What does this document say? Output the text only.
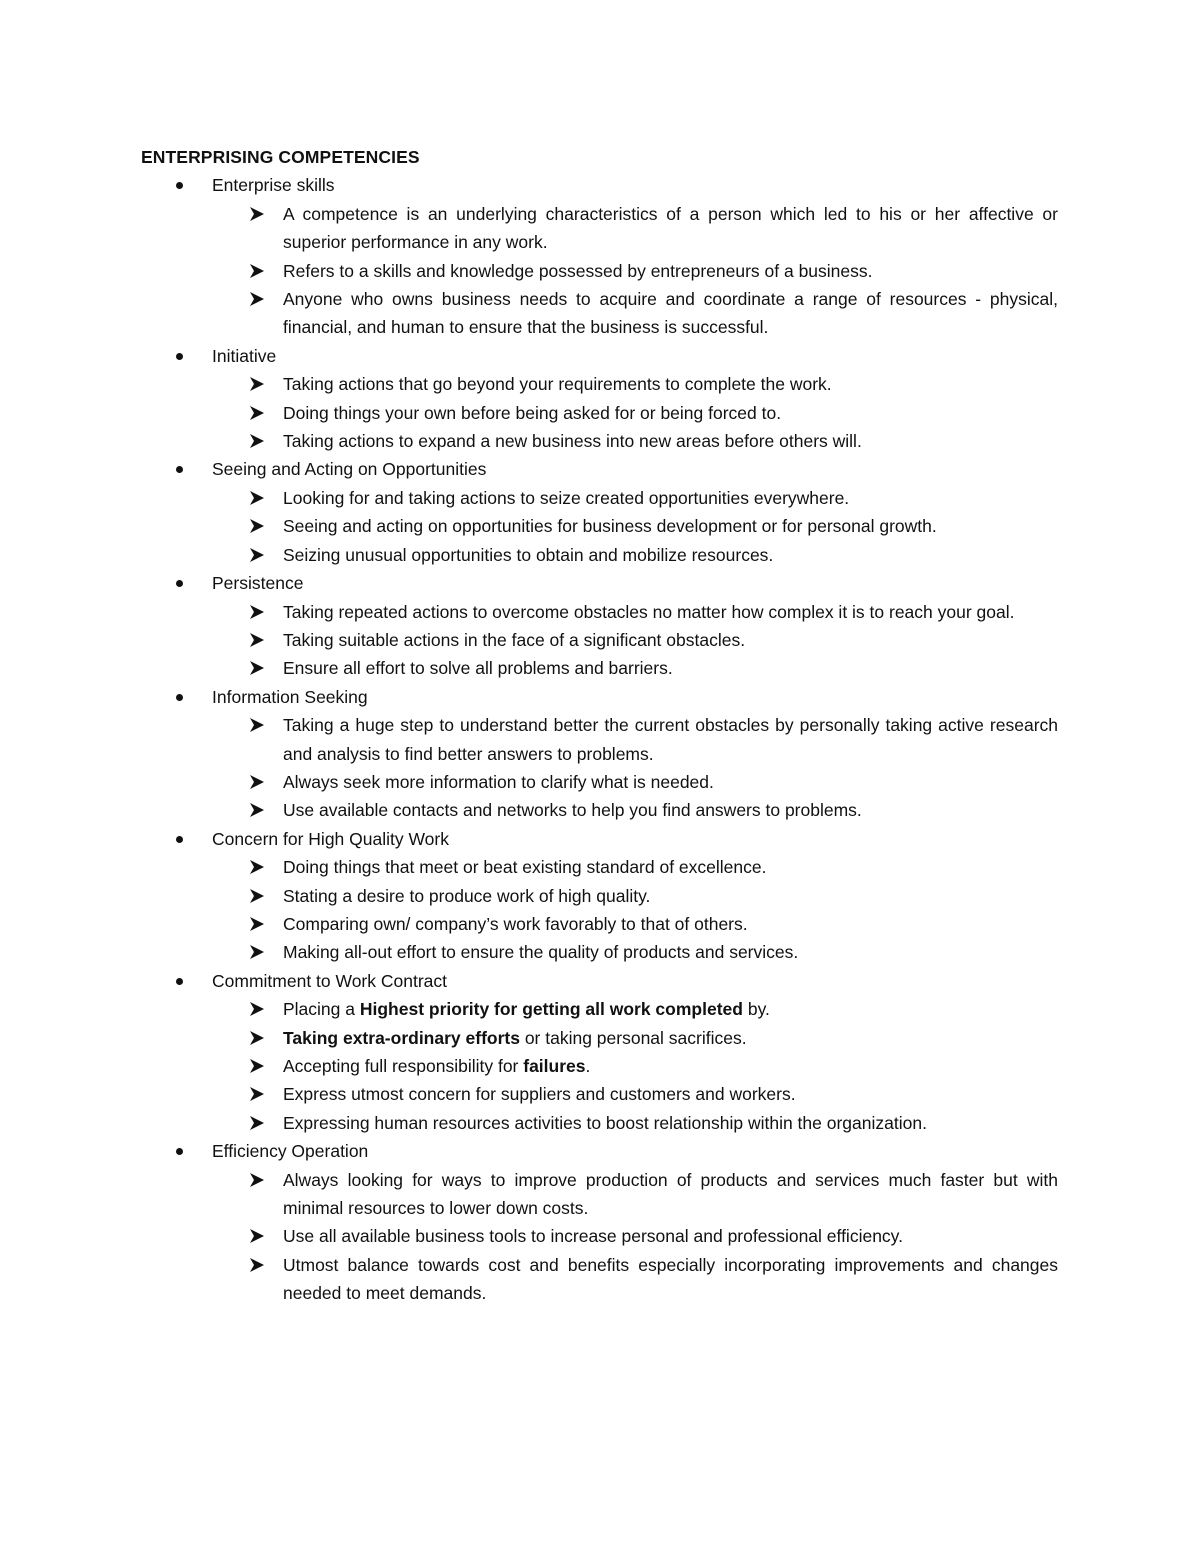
ENTERPRISING COMPETENCIES
Enterprise skills
A competence is an underlying characteristics of a person which led to his or her affective or superior performance in any work.
Refers to a skills and knowledge possessed by entrepreneurs of a business.
Anyone who owns business needs to acquire and coordinate a range of resources - physical, financial, and human to ensure that the business is successful.
Initiative
Taking actions that go beyond your requirements to complete the work.
Doing things your own before being asked for or being forced to.
Taking actions to expand a new business into new areas before others will.
Seeing and Acting on Opportunities
Looking for and taking actions to seize created opportunities everywhere.
Seeing and acting on opportunities for business development or for personal growth.
Seizing unusual opportunities to obtain and mobilize resources.
Persistence
Taking repeated actions to overcome obstacles no matter how complex it is to reach your goal.
Taking suitable actions in the face of a significant obstacles.
Ensure all effort to solve all problems and barriers.
Information Seeking
Taking a huge step to understand better the current obstacles by personally taking active research and analysis to find better answers to problems.
Always seek more information to clarify what is needed.
Use available contacts and networks to help you find answers to problems.
Concern for High Quality Work
Doing things that meet or beat existing standard of excellence.
Stating a desire to produce work of high quality.
Comparing own/ company’s work favorably to that of others.
Making all-out effort to ensure the quality of products and services.
Commitment to Work Contract
Placing a Highest priority for getting all work completed by.
Taking extra-ordinary efforts or taking personal sacrifices.
Accepting full responsibility for failures.
Express utmost concern for suppliers and customers and workers.
Expressing human resources activities to boost relationship within the organization.
Efficiency Operation
Always looking for ways to improve production of products and services much faster but with minimal resources to lower down costs.
Use all available business tools to increase personal and professional efficiency.
Utmost balance towards cost and benefits especially incorporating improvements and changes needed to meet demands.
